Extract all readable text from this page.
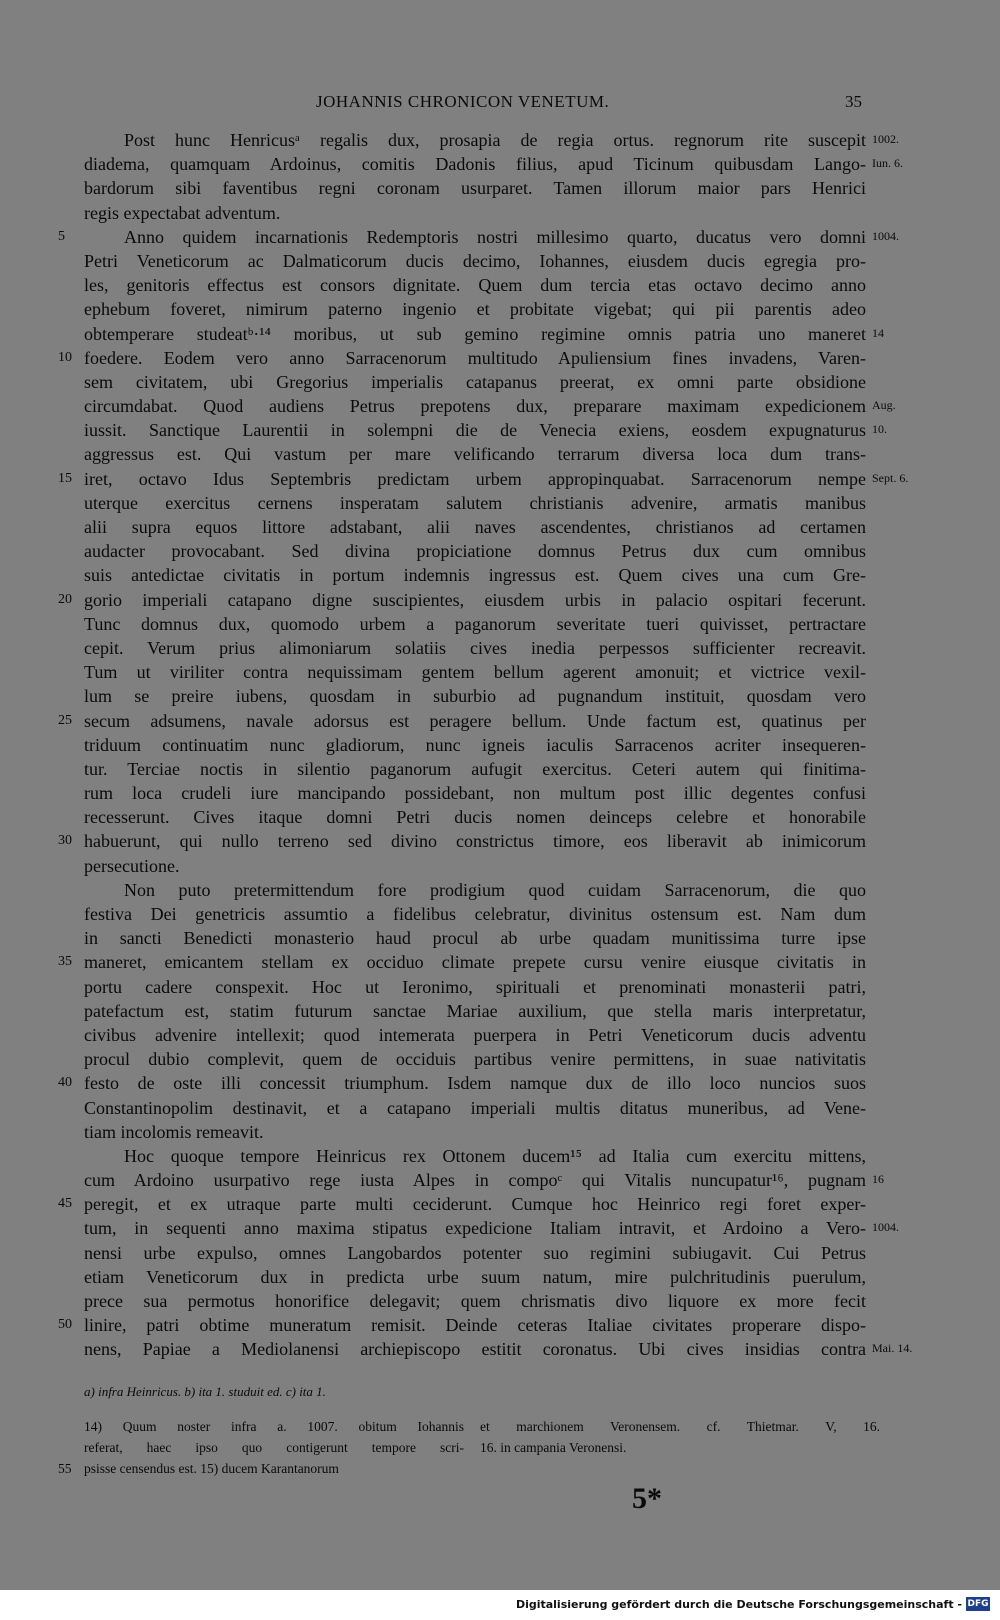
JOHANNIS CHRONICON VENETUM.	35
Post hunc Henricusᵃ regalis dux, prosapia de regia ortus. regnorum rite suscepit 1002.
diadema, quamquam Ardoinus, comitis Dadonis filius, apud Ticinum quibusdam Lango- Iun. 6.
bardorum sibi faventibus regni coronam usurparet. Tamen illorum maior pars Henrici
regis expectabat adventum.
5	Anno quidem incarnationis Redemptoris nostri millesimo quarto, ducatus vero domni 1004.
Petri Veneticorum ac Dalmaticorum ducis decimo, Iohannes, eiusdem ducis egregia pro-
les, genitoris effectus est consors dignitate. Quem dum tercia etas octavo decimo anno
ephebum foveret, nimirum paterno ingenio et probitate vigebat; qui pii parentis adeo
obtemperare studeatᵇ·¹⁴ moribus, ut sub gemino regimine omnis patria uno maneret 14
10 foedere. Eodem vero anno Sarracenorum multitudo Apuliensium fines invadens, Varen-
sem civitatem, ubi Gregorius imperialis catapanus preerat, ex omni parte obsidione
circumdabat. Quod audiens Petrus prepotens dux, preparare maximam expedicionem Aug.
iussit. Sanctique Laurentii in solempni die de Venecia exiens, eosdem expugnaturus 10.
aggressus est. Qui vastum per mare velificando terrarum diversa loca dum trans-
15 iret, octavo Idus Septembris predictam urbem appropinquabat. Sarracenorum nempe Sept. 6.
uterque exercitus cernens insperatam salutem christianis advenire, armatis manibus
alii supra equos littore adstabant, alii naves ascendentes, christianos ad certamen
audacter provocabant. Sed divina propiciatione domnus Petrus dux cum omnibus
suis antedictae civitatis in portum indemnis ingressus est. Quem cives una cum Gre-
20 gorio imperiali catapano digne suscipientes, eiusdem urbis in palacio ospitari fecerunt.
Tunc domnus dux, quomodo urbem a paganorum severitate tueri quivisset, pertractare
cepit. Verum prius alimoniarum solatiis cives inedia perpessos sufficienter recreavit.
Tum ut viriliter contra nequissimam gentem bellum agerent amonuit; et victrice vexil-
lum se preire iubens, quosdam in suburbio ad pugnandum instituit, quosdam vero
25 secum adsumens, navale adorsus est peragere bellum. Unde factum est, quatinus per
triduum continuatim nunc gladiorum, nunc igneis iaculis Sarracenos acriter insequeren-
tur. Terciae noctis in silentio paganorum aufugit exercitus. Ceteri autem qui finitima-
rum loca crudeli iure mancipando possidebant, non multum post illic degentes confusi
recesserunt. Cives itaque domni Petri ducis nomen deinceps celebre et honorabile
30 habuerunt, qui nullo terreno sed divino constrictus timore, eos liberavit ab inimicorum
persecutione.
Non puto pretermittendum fore prodigium quod cuidam Sarracenorum, die quo
festiva Dei genetricis assumtio a fidelibus celebratur, divinitus ostensum est. Nam dum
in sancti Benedicti monasterio haud procul ab urbe quadam munitissima turre ipse
35 maneret, emicantem stellam ex occiduo climate prepete cursu venire eiusque civitatis in
portu cadere conspexit. Hoc ut Ieronimo, spirituali et prenominati monasterii patri,
patefactum est, statim futurum sanctae Mariae auxilium, que stella maris interpretatur,
civibus advenire intellexit; quod intemerata puerpera in Petri Veneticorum ducis adventu
procul dubio complevit, quem de occiduis partibus venire permittens, in suae nativitatis
40 festo de oste illi concessit triumphum. Isdem namque dux de illo loco nuncios suos
Constantinopolim destinavit, et a catapano imperiali multis ditatus muneribus, ad Vene-
tiam incolomis remeavit.
Hoc quoque tempore Heinricus rex Ottonem ducem¹⁵ ad Italia cum exercitu mittens,
cum Ardoino usurpativo rege iusta Alpes in compoᶜ qui Vitalis nuncupatur¹⁶, pugnam 16
45 peregit, et ex utraque parte multi ceciderunt. Cumque hoc Heinrico regi foret exper-
tum, in sequenti anno maxima stipatus expedicione Italiam intravit, et Ardoino a Vero- 1004.
nensi urbe expulso, omnes Langobardos potenter suo regimini subiugavit. Cui Petrus
etiam Veneticorum dux in predicta urbe suum natum, mire pulchritudinis puerulum,
prece sua permotus honorifice delegavit; quem chrismatis divo liquore ex more fecit
50 linire, patri obtime muneratum remisit. Deinde ceteras Italiae civitates properare dispo-
nens, Papiae a Mediolanensi archiepiscopo estitit coronatus. Ubi cives insidias contra Mai. 14.
a) infra Heinricus. b) ita 1. studuit ed. c) ita 1.
14) Quum noster infra a. 1007. obitum Iohannis
referat, haec ipso quo contigerunt tempore scri-
psisse censendus est. 15) ducem Karantanorum
et marchionem Veronensem. cf. Thietmar. V, 16.
16. in campania Veronensi.
55
5*
Digitalisierung gefördert durch die Deutsche Forschungsgemeinschaft - DFG
